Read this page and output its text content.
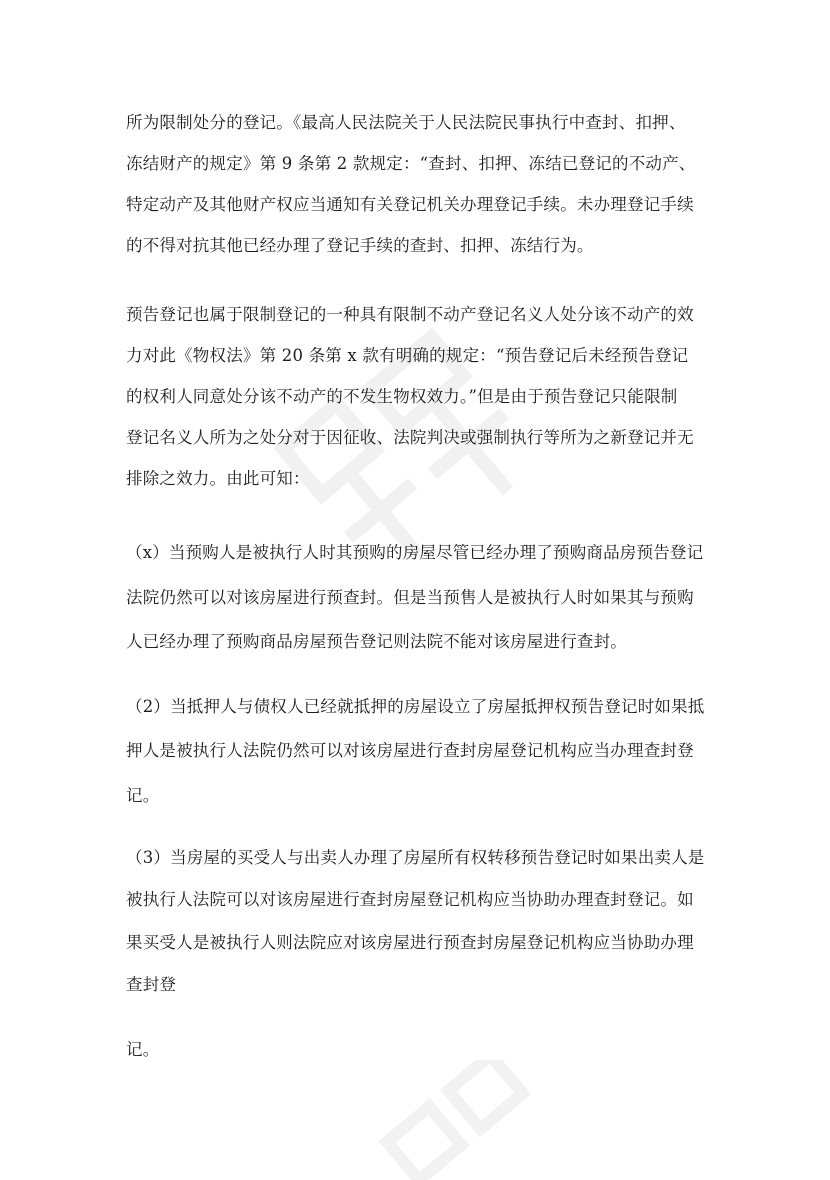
所为限制处分的登记。《最高人民法院关于人民法院民事执行中查封、扣押、
冻结财产的规定》第 9 条第 2 款规定：“查封、扣押、冻结已登记的不动产、
特定动产及其他财产权应当通知有关登记机关办理登记手续。未办理登记手续
的不得对抗其他已经办理了登记手续的查封、扣押、冻结行为。
预告登记也属于限制登记的一种具有限制不动产登记名义人处分该不动产的效
力对此《物权法》第 20 条第 x 款有明确的规定：“预告登记后未经预告登记
的权利人同意处分该不动产的不发生物权效力。”但是由于预告登记只能限制
登记名义人所为之处分对于因征收、法院判决或强制执行等所为之新登记并无
排除之效力。由此可知：
（x）当预购人是被执行人时其预购的房屋尽管已经办理了预购商品房预告登记
法院仍然可以对该房屋进行预查封。但是当预售人是被执行人时如果其与预购
人已经办理了预购商品房屋预告登记则法院不能对该房屋进行查封。
（2）当抵押人与债权人已经就抵押的房屋设立了房屋抵押权预告登记时如果抵
押人是被执行人法院仍然可以对该房屋进行查封房屋登记机构应当办理查封登
记。
（3）当房屋的买受人与出卖人办理了房屋所有权转移预告登记时如果出卖人是
被执行人法院可以对该房屋进行查封房屋登记机构应当协助办理查封登记。如
果买受人是被执行人则法院应对该房屋进行预查封房屋登记机构应当协助办理
查封登
记。
